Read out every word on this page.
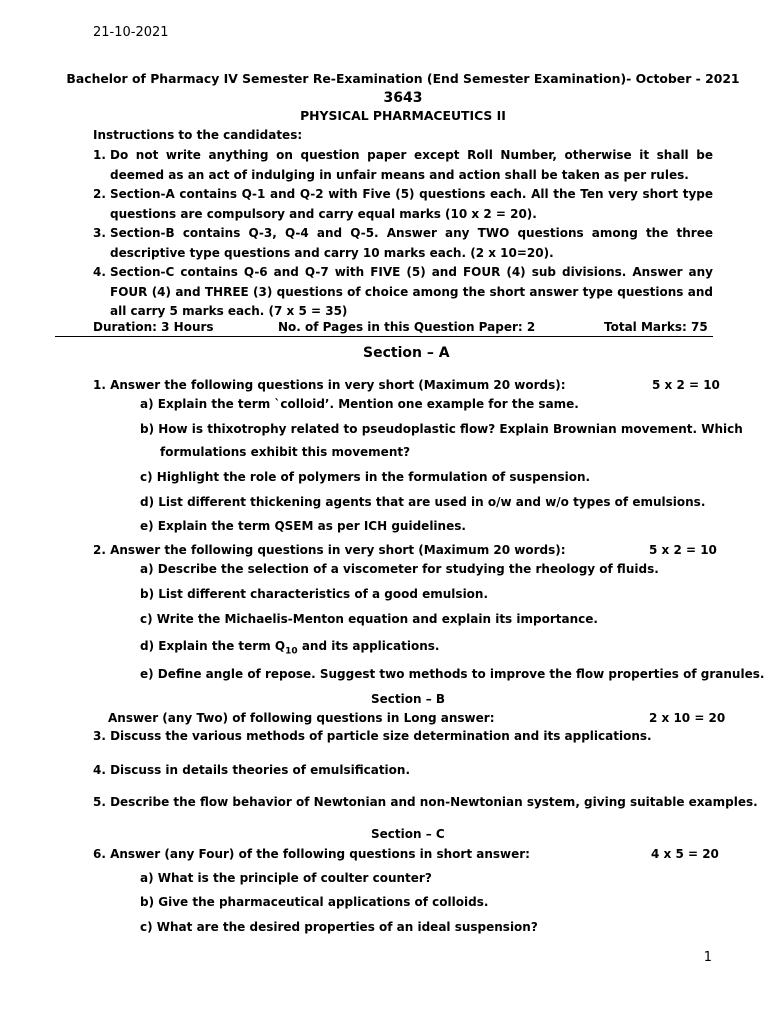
21-10-2021
Bachelor of Pharmacy IV Semester Re-Examination (End Semester Examination)- October - 2021
3643
PHYSICAL PHARMACEUTICS II
Instructions to the candidates:
1. Do not write anything on question paper except Roll Number, otherwise it shall be deemed as an act of indulging in unfair means and action shall be taken as per rules.
2. Section-A contains Q-1 and Q-2 with Five (5) questions each. All the Ten very short type questions are compulsory and carry equal marks (10 x 2 = 20).
3. Section-B contains Q-3, Q-4 and Q-5. Answer any TWO questions among the three descriptive type questions and carry 10 marks each. (2 x 10=20).
4. Section-C contains Q-6 and Q-7 with FIVE (5) and FOUR (4) sub divisions. Answer any FOUR (4) and THREE (3) questions of choice among the short answer type questions and all carry 5 marks each. (7 x 5 = 35)
Duration: 3 Hours	No. of Pages in this Question Paper: 2	Total Marks: 75
Section – A
1. Answer the following questions in very short (Maximum 20 words):	5 x 2 = 10
a) Explain the term `colloid’. Mention one example for the same.
b) How is thixotrophy related to pseudoplastic flow? Explain Brownian movement. Which
formulations exhibit this movement?
c) Highlight the role of polymers in the formulation of suspension.
d) List different thickening agents that are used in o/w and w/o types of emulsions.
e) Explain the term QSEM as per ICH guidelines.
2. Answer the following questions in very short (Maximum 20 words):	5 x 2 = 10
a) Describe the selection of a viscometer for studying the rheology of fluids.
b) List different characteristics of a good emulsion.
c) Write the Michaelis-Menton equation and explain its importance.
d) Explain the term $Q_{10}$ and its applications.
e) Define angle of repose. Suggest two methods to improve the flow properties of granules.
Section – B
Answer (any Two) of following questions in Long answer:	2 x 10 = 20
3. Discuss the various methods of particle size determination and its applications.
4. Discuss in details theories of emulsification.
5. Describe the flow behavior of Newtonian and non-Newtonian system, giving suitable examples.
Section – C
6. Answer (any Four) of the following questions in short answer:	4 x 5 = 20
a) What is the principle of coulter counter?
b) Give the pharmaceutical applications of colloids.
c) What are the desired properties of an ideal suspension?
1
